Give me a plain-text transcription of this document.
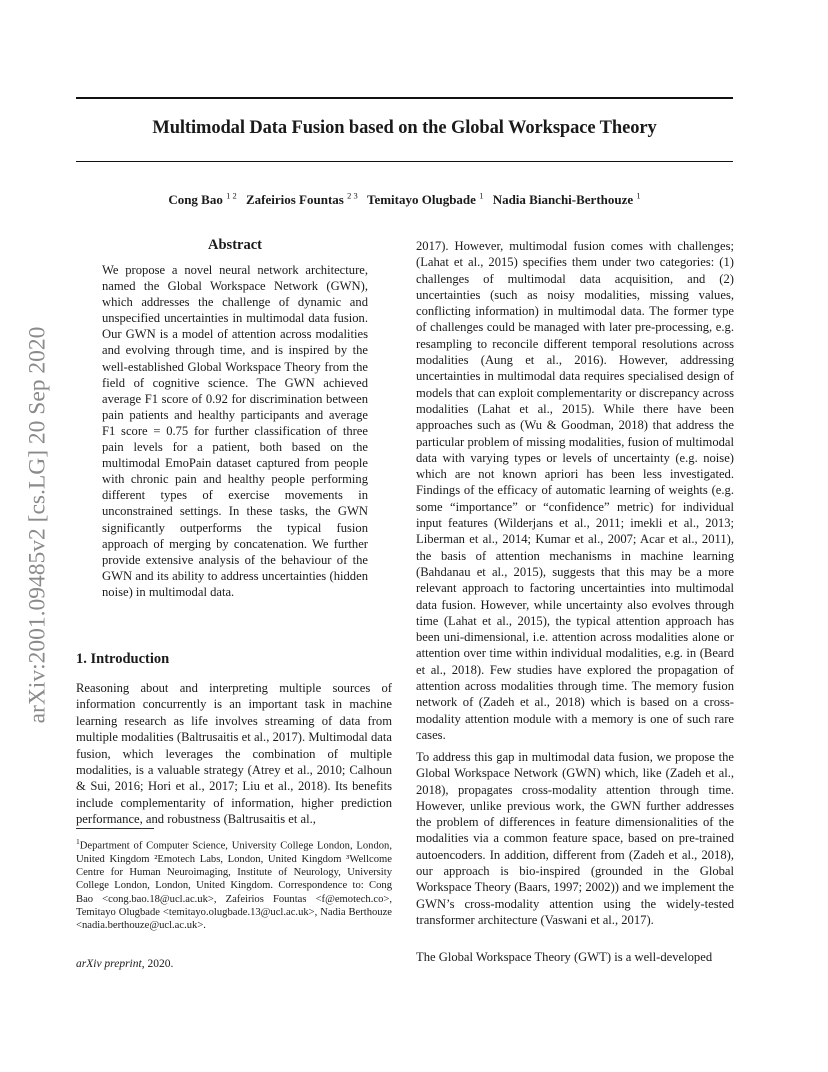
Multimodal Data Fusion based on the Global Workspace Theory
Cong Bao $^{1 2}$ Zafeirios Fountas $^{2 3}$ Temitayo Olugbade $^1$ Nadia Bianchi-Berthouze $^1$
arXiv:2001.09485v2 [cs.LG] 20 Sep 2020
Abstract

We propose a novel neural network architecture, named the Global Workspace Network (GWN), which addresses the challenge of dynamic and unspecified uncertainties in multimodal data fusion. Our GWN is a model of attention across modalities and evolving through time, and is inspired by the well-established Global Workspace Theory from the field of cognitive science. The GWN achieved average F1 score of 0.92 for discrimination between pain patients and healthy participants and average F1 score = 0.75 for further classification of three pain levels for a patient, both based on the multimodal EmoPain dataset captured from people with chronic pain and healthy people performing different types of exercise movements in unconstrained settings. In these tasks, the GWN significantly outperforms the typical fusion approach of merging by concatenation. We further provide extensive analysis of the behaviour of the GWN and its ability to address uncertainties (hidden noise) in multimodal data.

1. Introduction

Reasoning about and interpreting multiple sources of information concurrently is an important task in machine learning research as life involves streaming of data from multiple modalities (Baltrusaitis et al., 2017). Multimodal data fusion, which leverages the combination of multiple modalities, is a valuable strategy (Atrey et al., 2010; Calhoun & Sui, 2016; Hori et al., 2017; Liu et al., 2018). Its benefits include complementarity of information, higher prediction performance, and robustness (Baltrusaitis et al.,

$^1$Department of Computer Science, University College London, London, United Kingdom ²Emotech Labs, London, United Kingdom ³Wellcome Centre for Human Neuroimaging, Institute of Neurology, University College London, London, United Kingdom. Correspondence to: Cong Bao <cong.bao.18@ucl.ac.uk>, Zafeirios Fountas <f@emotech.co>, Temitayo Olugbade <temitayo.olugbade.13@ucl.ac.uk>, Nadia Berthouze <nadia.berthouze@ucl.ac.uk>.

arXiv preprint, 2020.

2017). However, multimodal fusion comes with challenges; (Lahat et al., 2015) specifies them under two categories: (1) challenges of multimodal data acquisition, and (2) uncertainties (such as noisy modalities, missing values, conflicting information) in multimodal data. The former type of challenges could be managed with later pre-processing, e.g. resampling to reconcile different temporal resolutions across modalities (Aung et al., 2016). However, addressing uncertainties in multimodal data requires specialised design of models that can exploit complementarity or discrepancy across modalities (Lahat et al., 2015). While there have been approaches such as (Wu & Goodman, 2018) that address the particular problem of missing modalities, fusion of multimodal data with varying types or levels of uncertainty (e.g. noise) which are not known apriori has been less investigated. Findings of the efficacy of automatic learning of weights (e.g. some “importance” or “confidence” metric) for individual input features (Wilderjans et al., 2011; imekli et al., 2013; Liberman et al., 2014; Kumar et al., 2007; Acar et al., 2011), the basis of attention mechanisms in machine learning (Bahdanau et al., 2015), suggests that this may be a more relevant approach to factoring uncertainties into multimodal data fusion. However, while uncertainty also evolves through time (Lahat et al., 2015), the typical attention approach has been uni-dimensional, i.e. attention across modalities alone or attention over time within individual modalities, e.g. in (Beard et al., 2018). Few studies have explored the propagation of attention across modalities through time. The memory fusion network of (Zadeh et al., 2018) which is based on a cross-modality attention module with a memory is one of such rare cases.

To address this gap in multimodal data fusion, we propose the Global Workspace Network (GWN) which, like (Zadeh et al., 2018), propagates cross-modality attention through time. However, unlike previous work, the GWN further addresses the problem of differences in feature dimensionalities of the modalities via a common feature space, based on pre-trained autoencoders. In addition, different from (Zadeh et al., 2018), our approach is bio-inspired (grounded in the Global Workspace Theory (Baars, 1997; 2002)) and we implement the GWN’s cross-modality attention using the widely-tested transformer architecture (Vaswani et al., 2017).

The Global Workspace Theory (GWT) is a well-developed
